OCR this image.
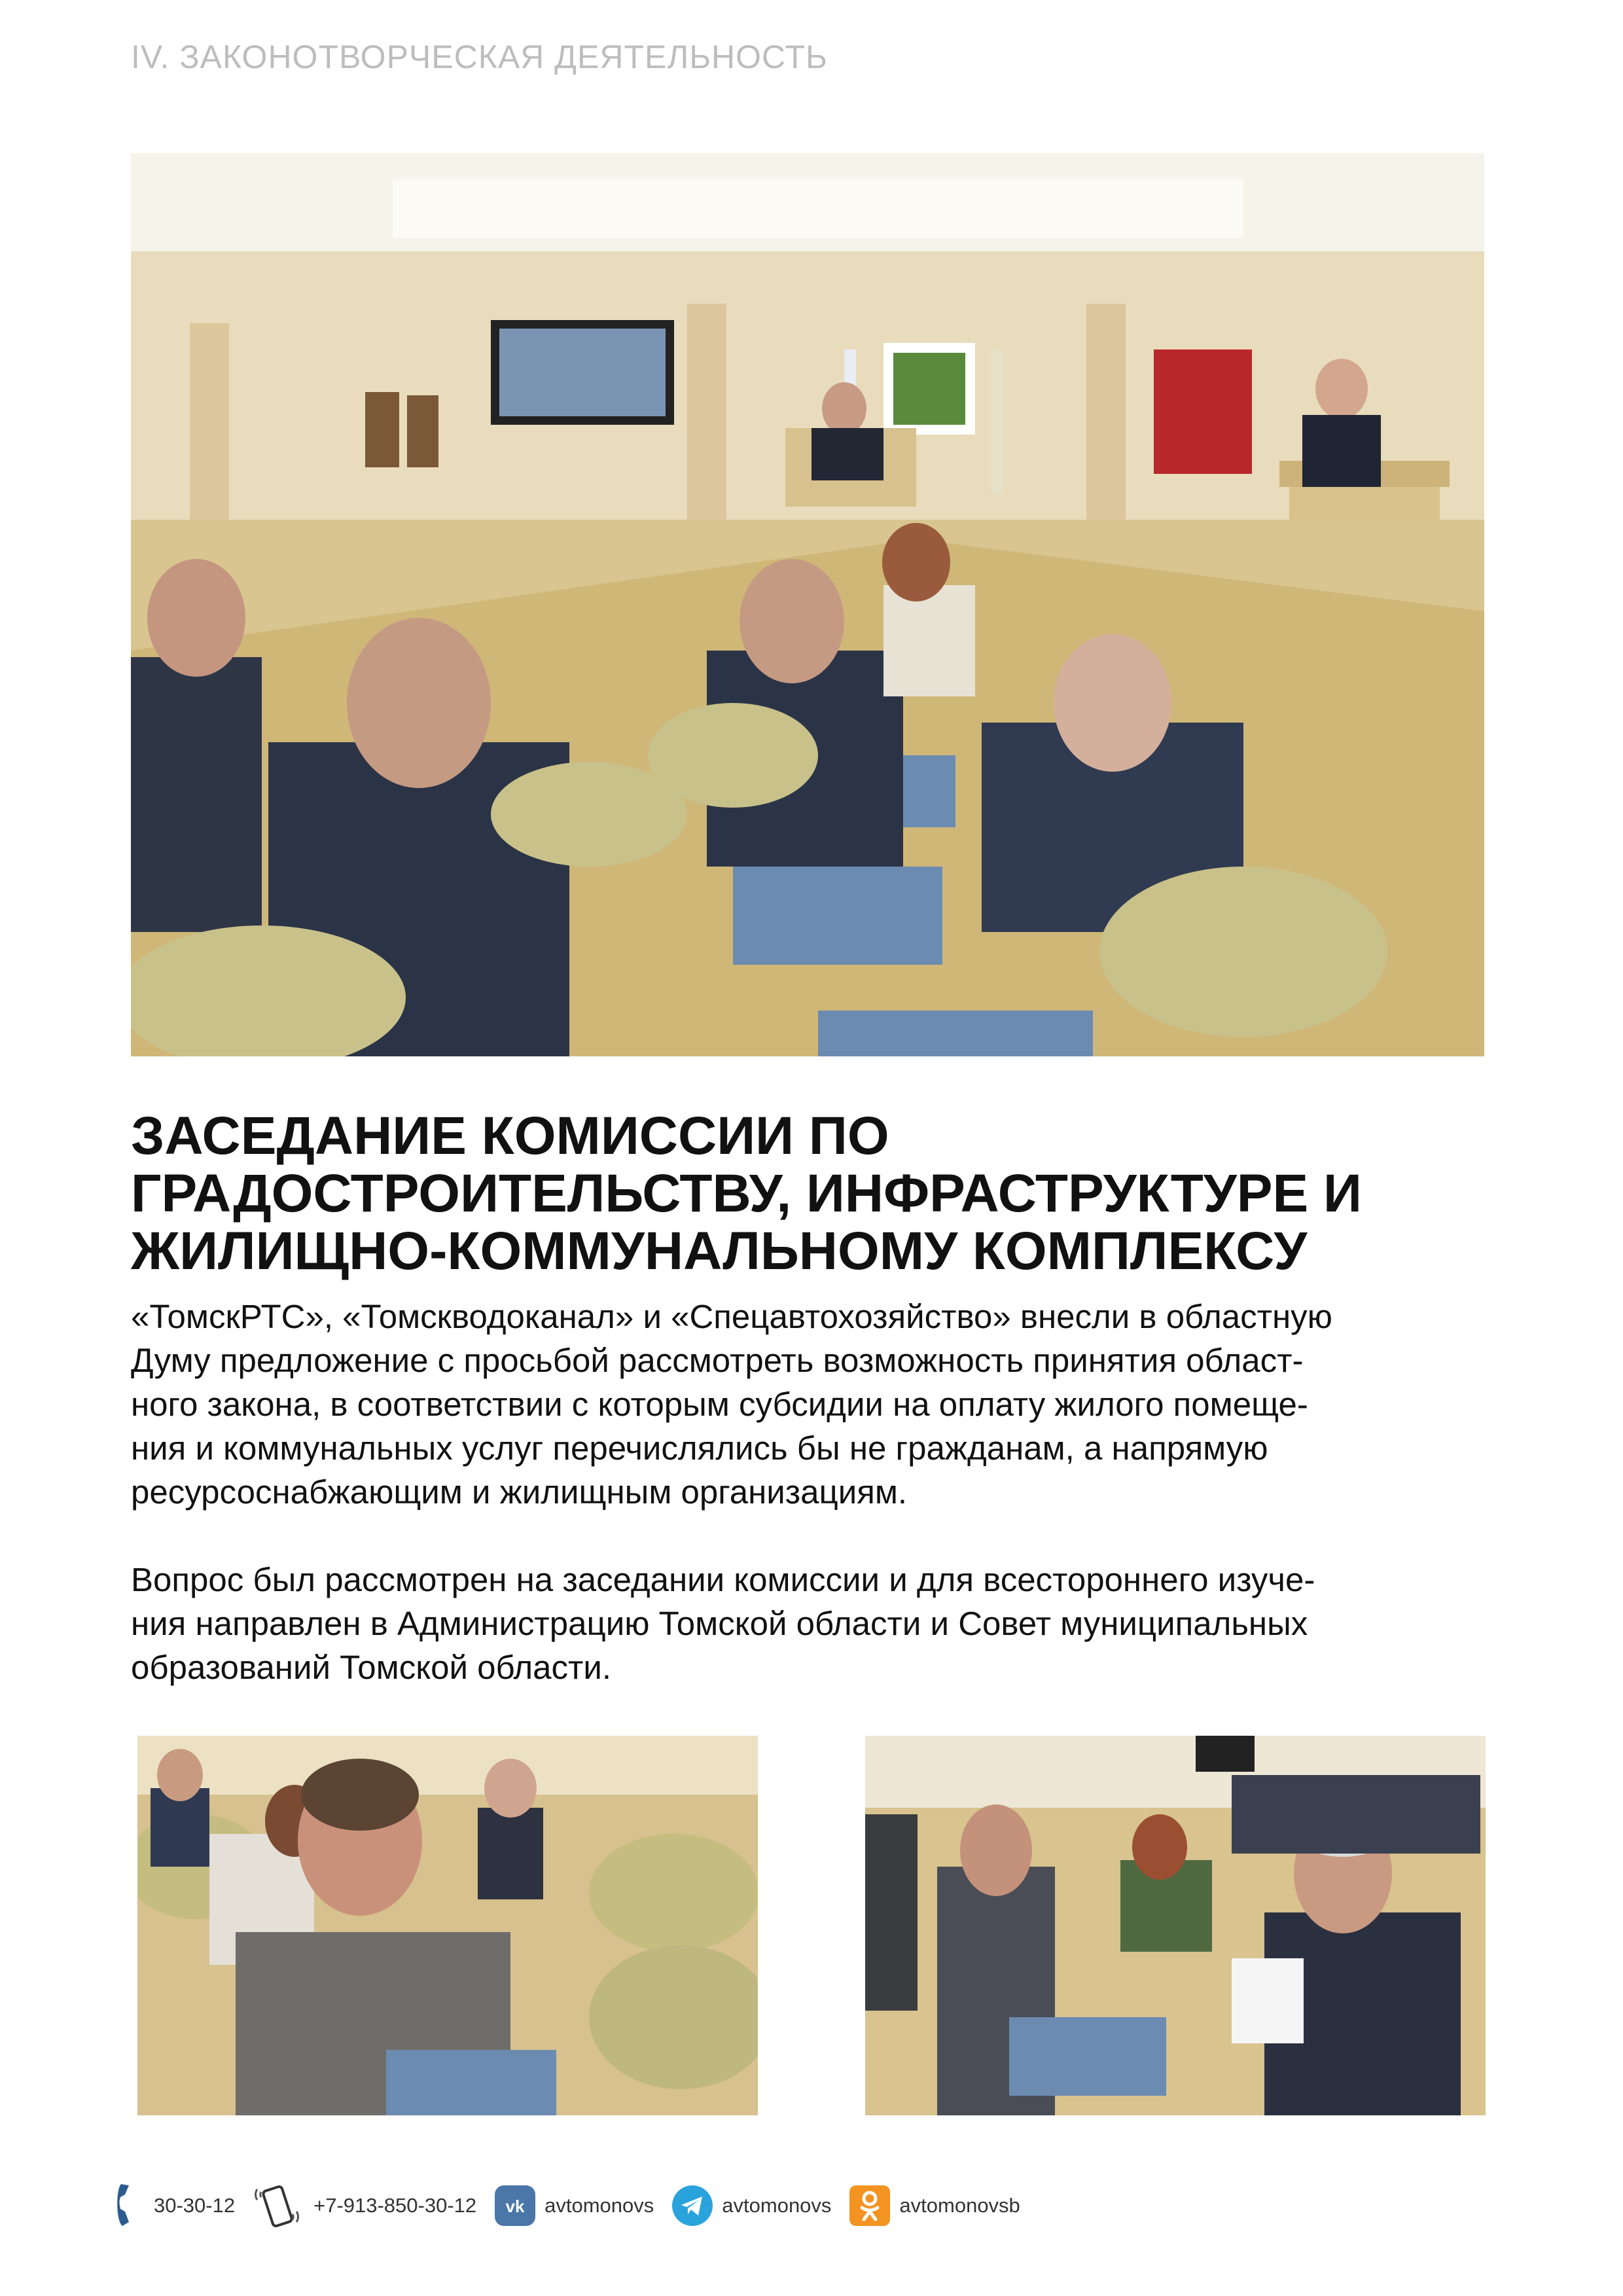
IV. ЗАКОНОТВОРЧЕСКАЯ ДЕЯТЕЛЬНОСТЬ
ЗАСЕДАНИЕ КОМИССИИ ПО
ГРАДОСТРОИТЕЛЬСТВУ, ИНФРАСТРУКТУРЕ И
ЖИЛИЩНО-КОММУНАЛЬНОМУ КОМПЛЕКСУ
«ТомскРТС», «Томскводоканал» и «Спецавтохозяйство» внесли в областную
Думу предложение с просьбой рассмотреть возможность принятия област-
ного закона, в соответствии с которым субсидии на оплату жилого помеще-
ния и коммунальных услуг перечислялись бы не гражданам, а напрямую
ресурсоснабжающим и жилищным организациям.
Вопрос был рассмотрен на заседании комиссии и для всестороннего изуче-
ния направлен в Администрацию Томской области и Совет муниципальных
образований Томской области.
30-30-12	+7-913-850-30-12 vk avtomonovs	avtomonovs	avtomonovsb
